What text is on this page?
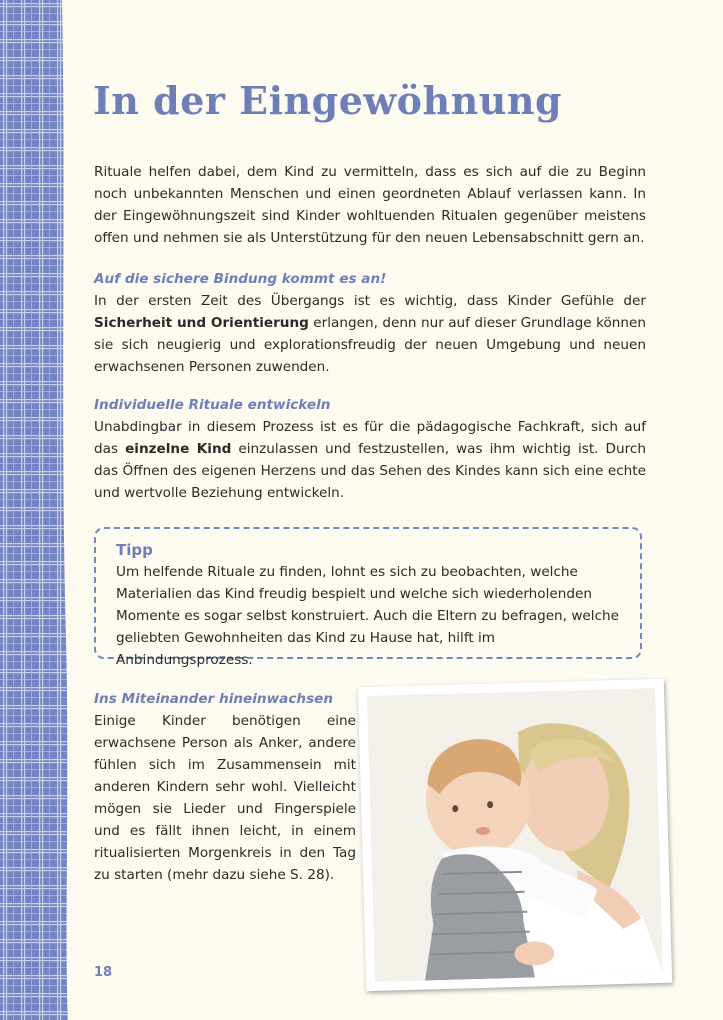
In der Eingewöhnung

Rituale helfen dabei, dem Kind zu vermitteln, dass es sich auf die zu Beginn noch unbekannten Menschen und einen geordneten Ablauf verlassen kann. In der Eingewöhnungszeit sind Kinder wohltuenden Ritualen gegenüber meistens offen und nehmen sie als Unterstützung für den neuen Lebensabschnitt gern an.

Auf die sichere Bindung kommt es an!

In der ersten Zeit des Übergangs ist es wichtig, dass Kinder Gefühle der Sicherheit und Orientierung erlangen, denn nur auf dieser Grundlage können sie sich neugierig und explorationsfreudig der neuen Umgebung und neuen erwachsenen Personen zuwenden.

Individuelle Rituale entwickeln

Unabdingbar in diesem Prozess ist es für die pädagogische Fachkraft, sich auf das einzelne Kind einzulassen und festzustellen, was ihm wichtig ist. Durch das Öffnen des eigenen Herzens und das Sehen des Kindes kann sich eine echte und wertvolle Beziehung entwickeln.

Tipp

Um helfende Rituale zu finden, lohnt es sich zu beobachten, welche Materialien das Kind freudig bespielt und welche sich wiederholenden Momente es sogar selbst konstruiert. Auch die Eltern zu befragen, welche geliebten Gewohnheiten das Kind zu Hause hat, hilft im Anbindungsprozess.

Ins Miteinander hineinwachsen

Einige Kinder benötigen eine erwachsene Person als Anker, andere fühlen sich im Zusammensein mit anderen Kindern sehr wohl. Vielleicht mögen sie Lieder und Fingerspiele und es fällt ihnen leicht, in einem ritualisierten Morgenkreis in den Tag zu starten (mehr dazu siehe S. 28).

18
